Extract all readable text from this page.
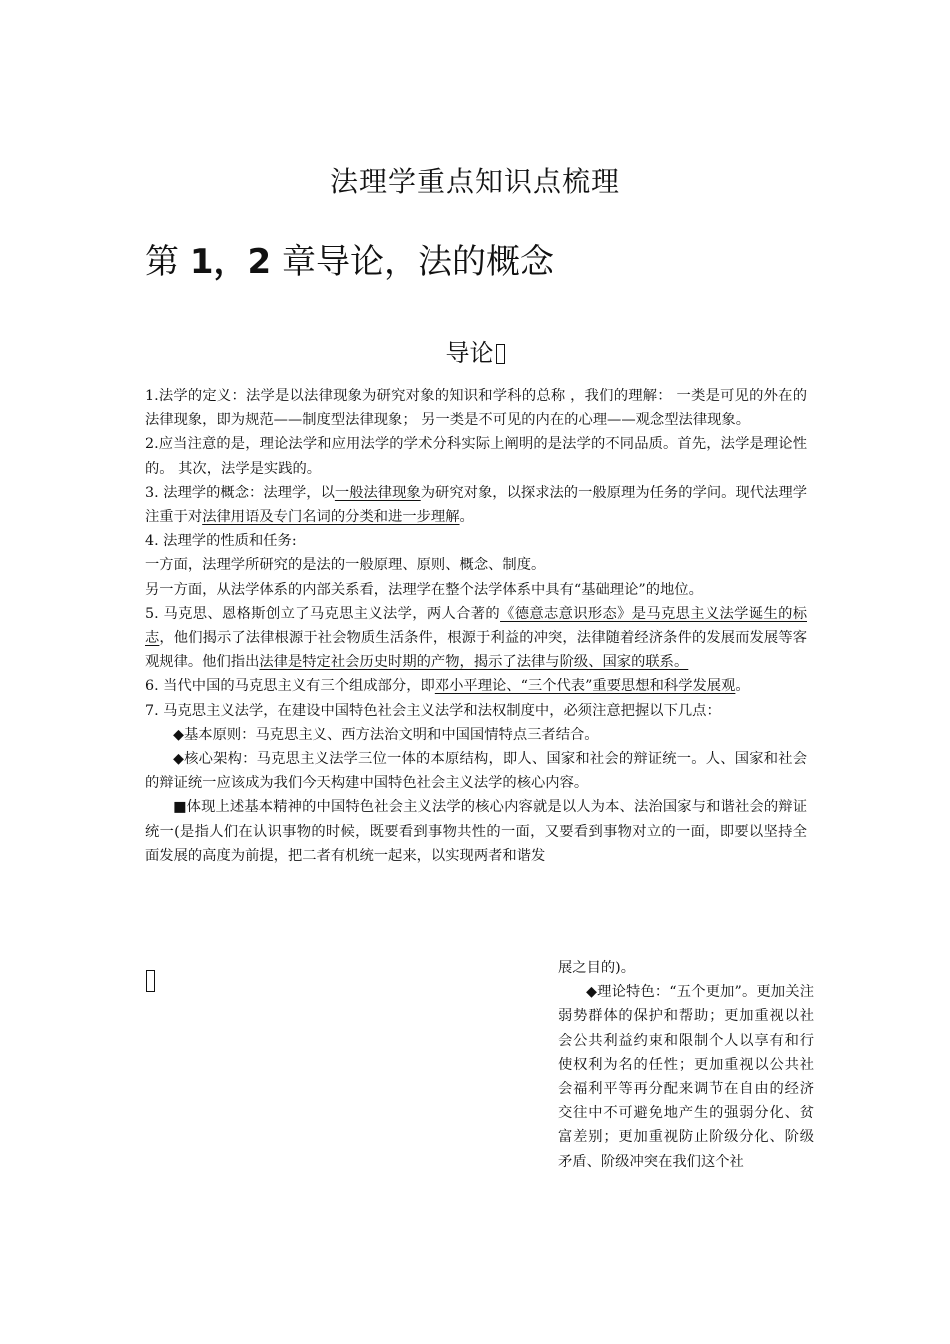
法理学重点知识点梳理
第 1，2 章导论，法的概念
导论

1.法学的定义：法学是以法律现象为研究对象的知识和学科的总称 ，我们的理解： 一类是可见的外在的法律现象，即为规范——制度型法律现象； 另一类是不可见的内在的心理——观念型法律现象。

2.应当注意的是，理论法学和应用法学的学术分科实际上阐明的是法学的不同品质。首先，法学是理论性的。 其次，法学是实践的。

3. 法理学的概念：法理学，以一般法律现象为研究对象，以探求法的一般原理为任务的学问。现代法理学注重于对法律用语及专门名词的分类和进一步理解。

4. 法理学的性质和任务:

一方面，法理学所研究的是法的一般原理、原则、概念、制度。

另一方面，从法学体系的内部关系看，法理学在整个法学体系中具有“基础理论”的地位。

5. 马克思、恩格斯创立了马克思主义法学，两人合著的《德意志意识形态》是马克思主义法学诞生的标志，他们揭示了法律根源于社会物质生活条件，根源于利益的冲突，法律随着经济条件的发展而发展等客观规律。他们指出法律是特定社会历史时期的产物，揭示了法律与阶级、国家的联系。

6. 当代中国的马克思主义有三个组成部分，即邓小平理论、“三个代表”重要思想和科学发展观。

7. 马克思主义法学，在建设中国特色社会主义法学和法权制度中，必须注意把握以下几点：

◆基本原则：马克思主义、西方法治文明和中国国情特点三者结合。

◆核心架构：马克思主义法学三位一体的本原结构，即人、国家和社会的辩证统一。人、国家和社会的辩证统一应该成为我们今天构建中国特色社会主义法学的核心内容。

■体现上述基本精神的中国特色社会主义法学的核心内容就是以人为本、法治国家与和谐社会的辩证统一(是指人们在认识事物的时候，既要看到事物共性的一面，又要看到事物对立的一面，即要以坚持全面发展的高度为前提，把二者有机统一起来，以实现两者和谐发

展之目的)。

◆理论特色：“五个更加”。更加关注弱势群体的保护和帮助；更加重视以社会公共利益约束和限制个人以享有和行使权利为名的任性；更加重视以公共社会福利平等再分配来调节在自由的经济交往中不可避免地产生的强弱分化、贫富差别；更加重视防止阶级分化、阶级矛盾、阶级冲突在我们这个社
